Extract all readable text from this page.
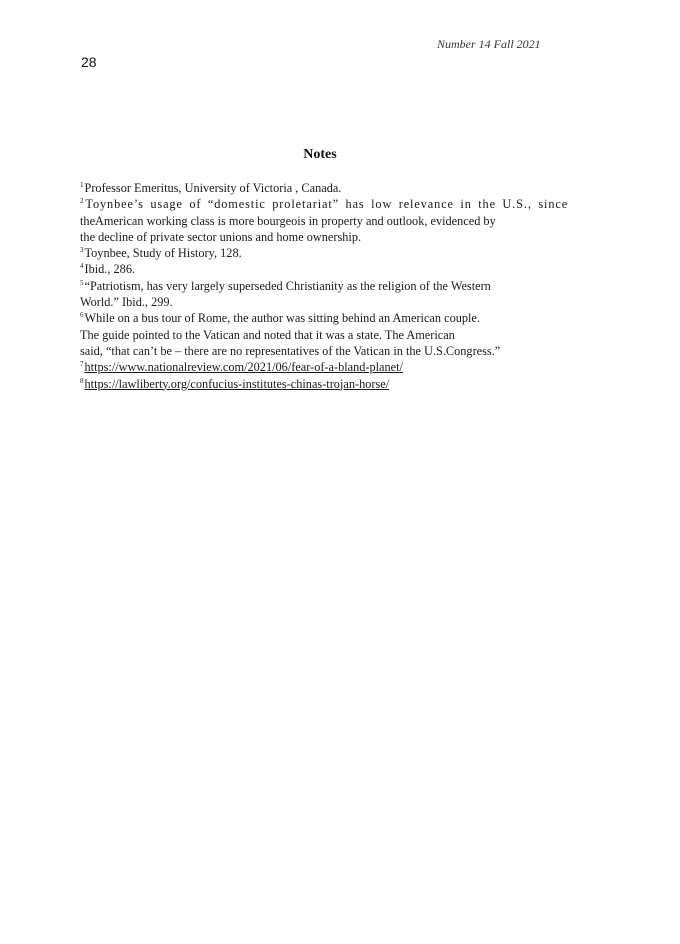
Number 14 Fall 2021
28
Notes
$^1$Professor Emeritus, University of Victoria , Canada.
$^2$Toynbee’s usage of “domestic proletariat” has low relevance in the U.S., since
theAmerican working class is more bourgeois in property and outlook, evidenced by
the decline of private sector unions and home ownership.
$^3$Toynbee, Study of History, 128.
$^4$Ibid., 286.
$^5$“Patriotism, has very largely superseded Christianity as the religion of the Western
World.” Ibid., 299.
$^6$While on a bus tour of Rome, the author was sitting behind an American couple.
The guide pointed to the Vatican and noted that it was a state. The American
said, “that can’t be – there are no representatives of the Vatican in the U.S.Congress.”
$^7$https://www.nationalreview.com/2021/06/fear-of-a-bland-planet/
$^8$https://lawliberty.org/confucius-institutes-chinas-trojan-horse/
